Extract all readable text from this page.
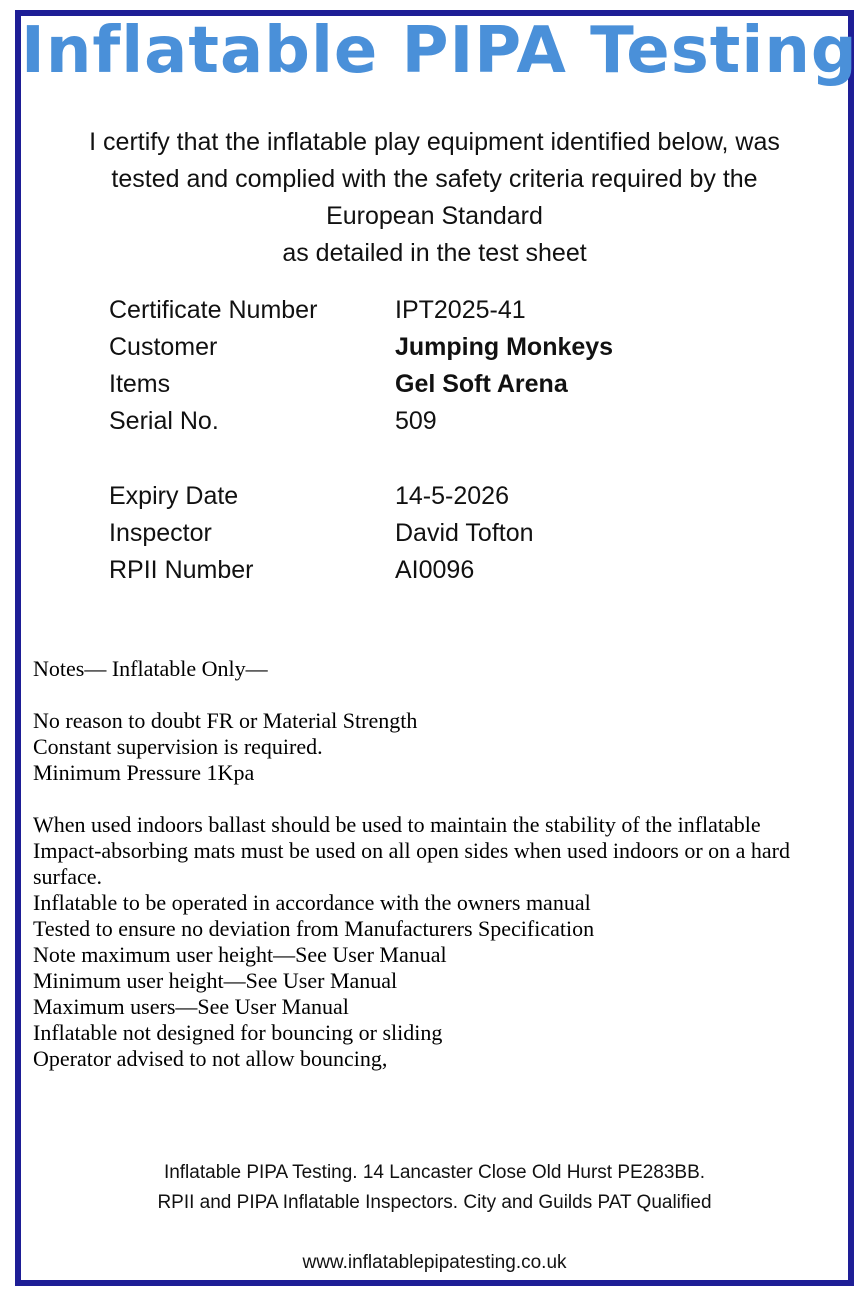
Inflatable PIPA Testing
I certify that the inflatable play equipment identified below, was
tested and complied with the safety criteria required by the
European Standard
as detailed in the test sheet
Certificate Number	IPT2025-41
Customer	Jumping Monkeys
Items	Gel Soft Arena
Serial No.	509
Expiry Date	14-5-2026
Inspector	David Tofton
RPII Number	AI0096

Notes— Inflatable Only—

No reason to doubt FR or Material Strength

Constant supervision is required.

Minimum Pressure 1Kpa

When used indoors ballast should be used to maintain the stability of the inflatable

Impact-absorbing mats must be used on all open sides when used indoors or on a hard surface.

Inflatable to be operated in accordance with the owners manual

Tested to ensure no deviation from Manufacturers Specification

Note maximum user height—See User Manual

Minimum user height—See User Manual

Maximum users—See User Manual

Inflatable not designed for bouncing or sliding

Operator advised to not allow bouncing,

Inflatable PIPA Testing. 14 Lancaster Close Old Hurst PE283BB.
RPII and PIPA Inflatable Inspectors. City and Guilds PAT Qualified
www.inflatablepipatesting.co.uk
